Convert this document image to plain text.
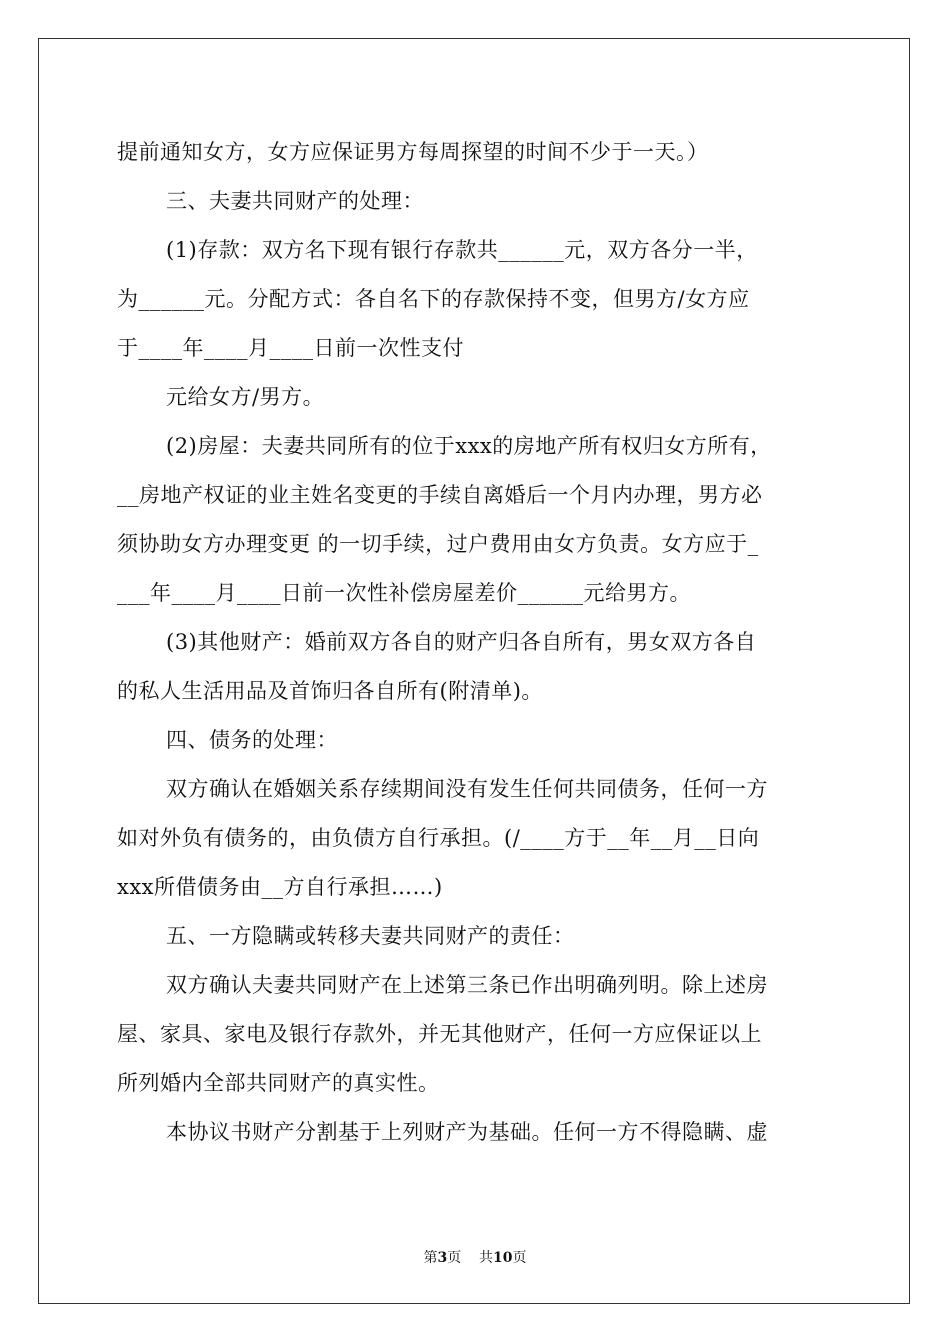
提前通知女方，女方应保证男方每周探望的时间不少于一天。）
三、夫妻共同财产的处理：
(1)存款：双方名下现有银行存款共______元，双方各分一半，
为______元。分配方式：各自名下的存款保持不变，但男方/女方应
于____年____月____日前一次性支付
元给女方/男方。
(2)房屋：夫妻共同所有的位于xxx的房地产所有权归女方所有，
__房地产权证的业主姓名变更的手续自离婚后一个月内办理，男方必
须协助女方办理变更 的一切手续，过户费用由女方负责。女方应于_
___年____月____日前一次性补偿房屋差价______元给男方。
(3)其他财产：婚前双方各自的财产归各自所有，男女双方各自
的私人生活用品及首饰归各自所有(附清单)。
四、债务的处理：
双方确认在婚姻关系存续期间没有发生任何共同债务，任何一方
如对外负有债务的，由负债方自行承担。(/____方于__年__月__日向
xxx所借债务由__方自行承担……)
五、一方隐瞒或转移夫妻共同财产的责任：
双方确认夫妻共同财产在上述第三条已作出明确列明。除上述房
屋、家具、家电及银行存款外，并无其他财产，任何一方应保证以上
所列婚内全部共同财产的真实性。
本协议书财产分割基于上列财产为基础。任何一方不得隐瞒、虚
第3页 共10页
